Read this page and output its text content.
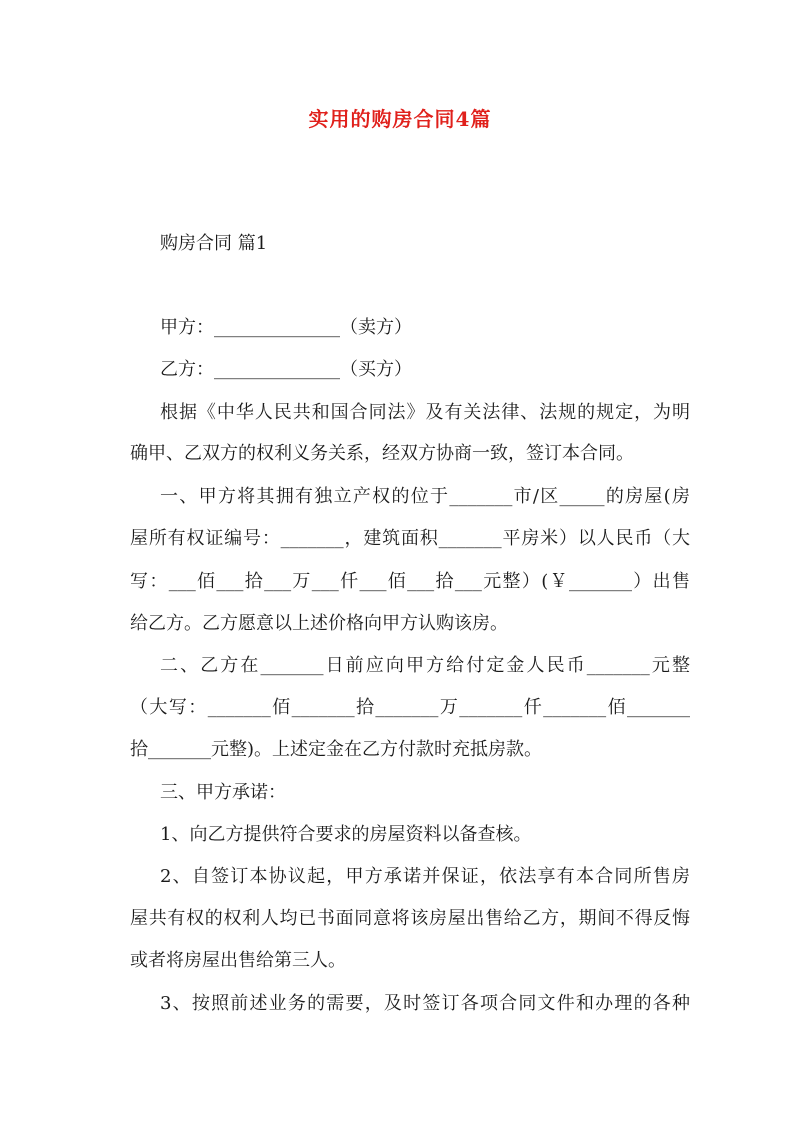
实用的购房合同4篇
购房合同 篇1
甲方：______________（卖方）
乙方：______________（买方）
根据《中华人民共和国合同法》及有关法律、法规的规定，为明
确甲、乙双方的权利义务关系，经双方协商一致，签订本合同。
一、甲方将其拥有独立产权的位于_______市/区_____的房屋(房
屋所有权证编号：_______，建筑面积_______平房米）以人民币（大
写：___佰___拾___万___仟___佰___拾___元整）(￥_______）出售
给乙方。乙方愿意以上述价格向甲方认购该房。
二、乙方在_______日前应向甲方给付定金人民币_______元整
（大写：_______佰_______拾_______万_______仟_______佰_______
拾_______元整)。上述定金在乙方付款时充抵房款。
三、甲方承诺：
1、向乙方提供符合要求的房屋资料以备查核。
2、自签订本协议起，甲方承诺并保证，依法享有本合同所售房
屋共有权的权利人均已书面同意将该房屋出售给乙方，期间不得反悔
或者将房屋出售给第三人。
3、按照前述业务的需要，及时签订各项合同文件和办理的各种
